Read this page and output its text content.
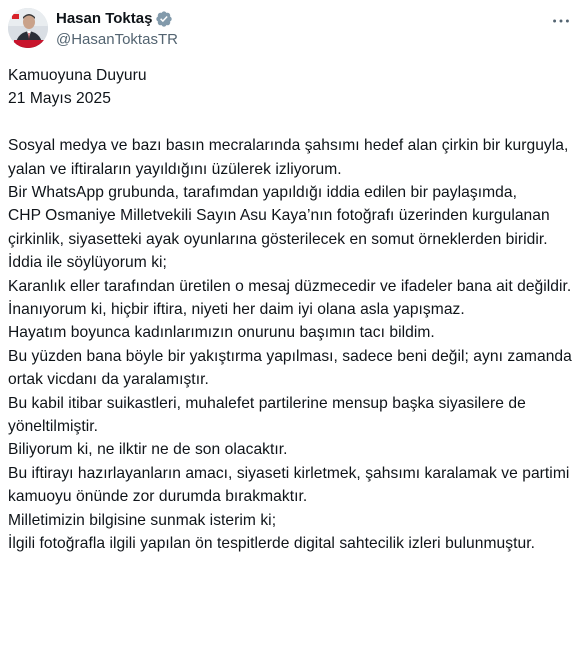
Hasan Toktaş
@HasanToktasTR

Kamuoyuna Duyuru

21 Mayıs 2025

Sosyal medya ve bazı basın mecralarında şahsımı hedef alan çirkin bir kurguyla, yalan ve iftiraların yayıldığını üzülerek izliyorum.

Bir WhatsApp grubunda, tarafımdan yapıldığı iddia edilen bir paylaşımda,

CHP Osmaniye Milletvekili Sayın Asu Kaya’nın fotoğrafı üzerinden kurgulanan çirkinlik, siyasetteki ayak oyunlarına gösterilecek en somut örneklerden biridir.

İddia ile söylüyorum ki;

Karanlık eller tarafından üretilen o mesaj düzmecedir ve ifadeler bana ait değildir.

İnanıyorum ki, hiçbir iftira, niyeti her daim iyi olana asla yapışmaz.

Hayatım boyunca kadınlarımızın onurunu başımın tacı bildim.

Bu yüzden bana böyle bir yakıştırma yapılması, sadece beni değil; aynı zamanda ortak vicdanı da yaralamıştır.

Bu kabil itibar suikastleri, muhalefet partilerine mensup başka siyasilere de yöneltilmiştir.

Biliyorum ki, ne ilktir ne de son olacaktır.

Bu iftirayı hazırlayanların amacı, siyaseti kirletmek, şahsımı karalamak ve partimi kamuoyu önünde zor durumda bırakmaktır.

Milletimizin bilgisine sunmak isterim ki;

İlgili fotoğrafla ilgili yapılan ön tespitlerde digital sahtecilik izleri bulunmuştur.
